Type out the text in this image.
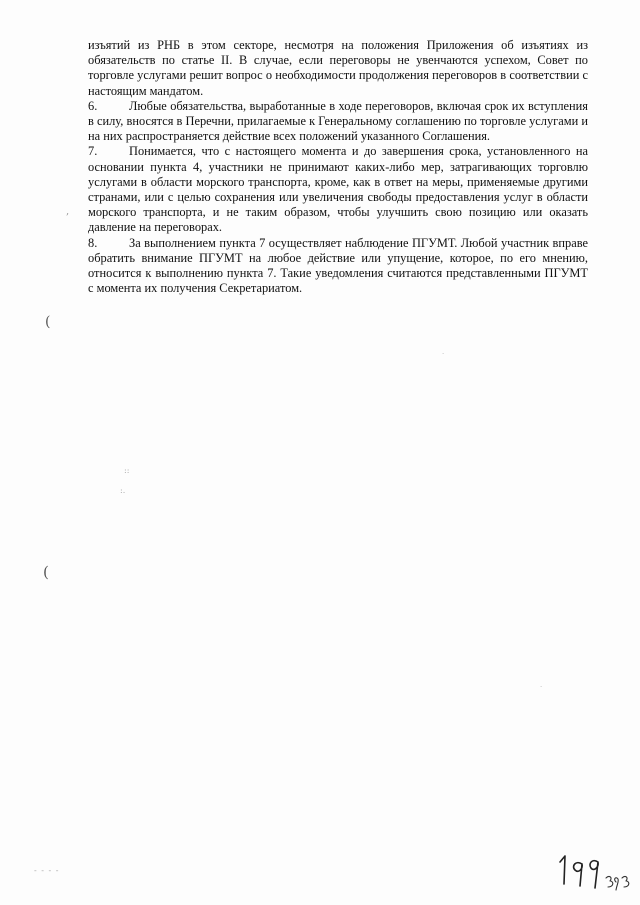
изъятий из РНБ в этом секторе, несмотря на положения Приложения об изъятиях из обязательств по статье II. В случае, если переговоры не увенчаются успехом, Совет по торговле услугами решит вопрос о необходимости продолжения переговоров в соответствии с настоящим мандатом.

6.	Любые обязательства, выработанные в ходе переговоров, включая срок их вступления в силу, вносятся в Перечни, прилагаемые к Генеральному соглашению по торговле услугами и на них распространяется действие всех положений указанного Соглашения.

7.	Понимается, что с настоящего момента и до завершения срока, установленного на основании пункта 4, участники не принимают каких-либо мер, затрагивающих торговлю услугами в области морского транспорта, кроме, как в ответ на меры, применяемые другими странами, или с целью сохранения или увеличения свободы предоставления услуг в области морского транспорта, и не таким образом, чтобы улучшить свою позицию или оказать давление на переговорах.

8.	За выполнением пункта 7 осуществляет наблюдение ПГУМТ. Любой участник вправе обратить внимание ПГУМТ на любое действие или упущение, которое, по его мнению, относится к выполнению пункта 7. Такие уведомления считаются представленными ПГУМТ с момента их получения Секретариатом.

(
(
,
::
:.
·
·
- - - -
